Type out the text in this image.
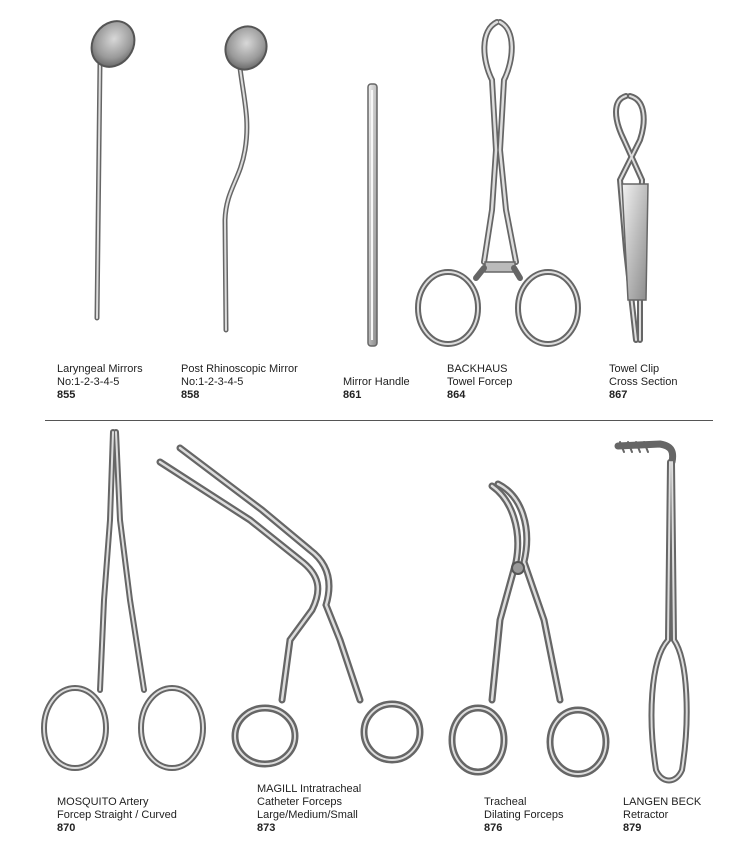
Laryngeal Mirrors
No:1-2-3-4-5
855
Post Rhinoscopic Mirror
No:1-2-3-4-5
858
Mirror Handle
861
BACKHAUS
Towel Forcep
864
Towel Clip
Cross Section
867
MOSQUITO Artery
Forcep Straight / Curved
870
MAGILL Intratracheal
Catheter Forceps
Large/Medium/Small
873
Tracheal
Dilating Forceps
876
LANGEN BECK
Retractor
879
